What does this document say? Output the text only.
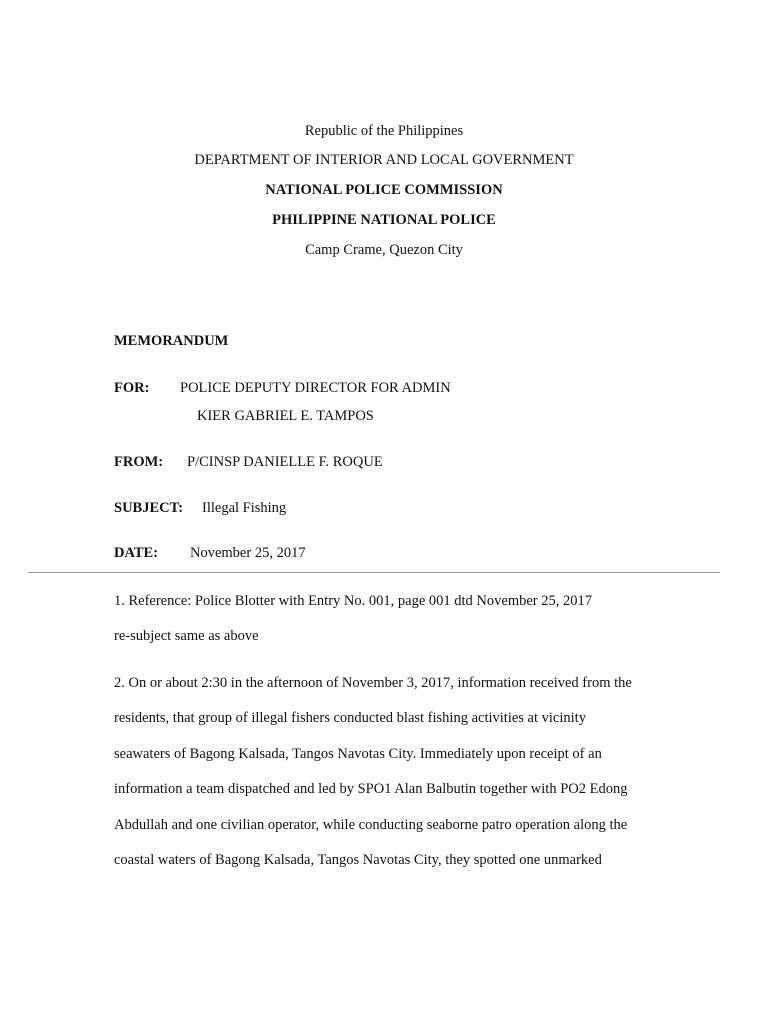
Republic of the Philippines
DEPARTMENT OF INTERIOR AND LOCAL GOVERNMENT
NATIONAL POLICE COMMISSION
PHILIPPINE NATIONAL POLICE
Camp Crame, Quezon City
MEMORANDUM
FOR: POLICE DEPUTY DIRECTOR FOR ADMIN
KIER GABRIEL E. TAMPOS
FROM: P/CINSP DANIELLE F. ROQUE
SUBJECT: Illegal Fishing
DATE: November 25, 2017
1. Reference: Police Blotter with Entry No. 001, page 001 dtd November 25, 2017
re-subject same as above
2. On or about 2:30 in the afternoon of November 3, 2017, information received from the
residents, that group of illegal fishers conducted blast fishing activities at vicinity
seawaters of Bagong Kalsada, Tangos Navotas City. Immediately upon receipt of an
information a team dispatched and led by SPO1 Alan Balbutin together with PO2 Edong
Abdullah and one civilian operator, while conducting seaborne patro operation along the
coastal waters of Bagong Kalsada, Tangos Navotas City, they spotted one unmarked
